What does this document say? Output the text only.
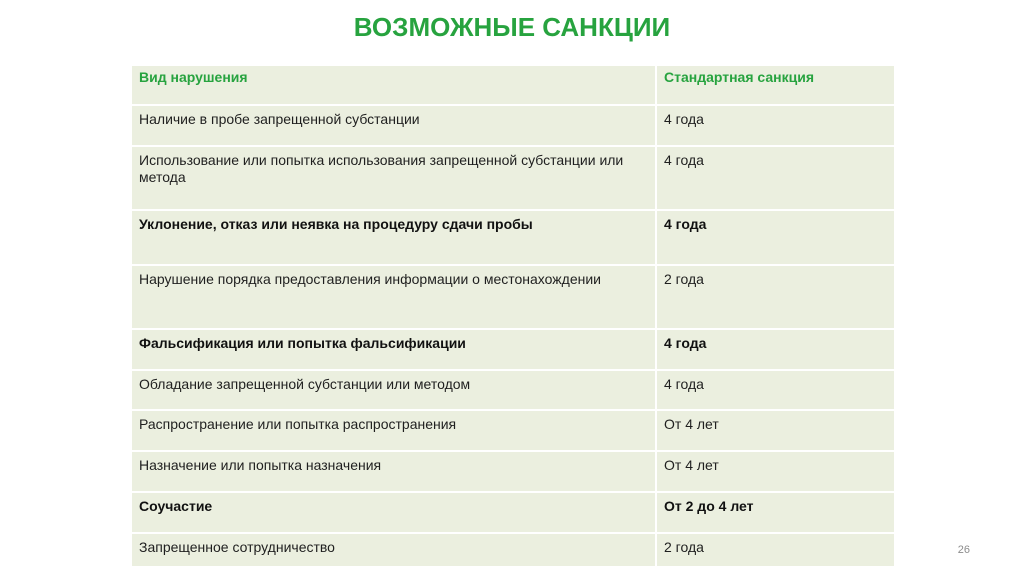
ВОЗМОЖНЫЕ САНКЦИИ
Вид нарушения	Стандартная санкция
Наличие в пробе запрещенной субстанции	4 года
Использование или попытка использования запрещенной субстанции или метода	4 года
Уклонение, отказ или неявка на процедуру сдачи пробы	4 года
Нарушение порядка предоставления информации о местонахождении	2 года
Фальсификация или попытка фальсификации	4 года
Обладание запрещенной субстанции или методом	4 года
Распространение или попытка распространения	От 4 лет
Назначение или попытка назначения	От 4 лет
Соучастие	От 2 до 4 лет
Запрещенное сотрудничество	2 года	26
